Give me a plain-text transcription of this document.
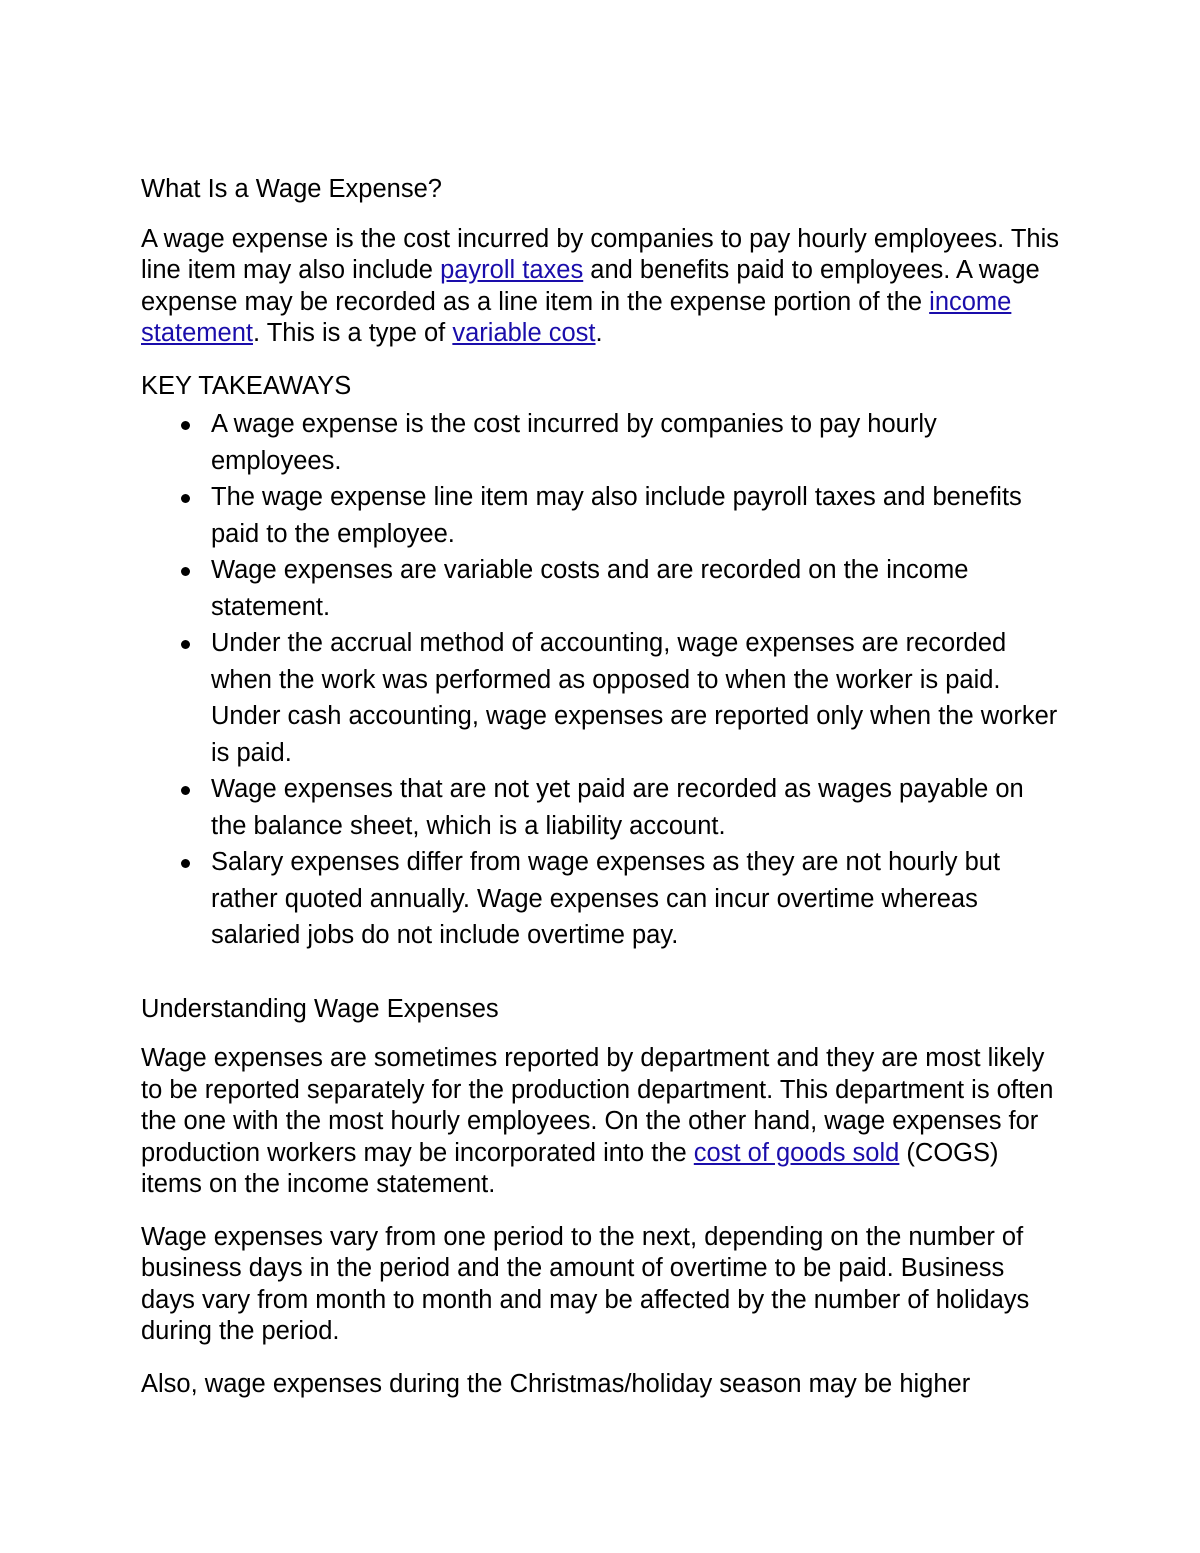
What Is a Wage Expense?

A wage expense is the cost incurred by companies to pay hourly employees. This line item may also include payroll taxes and benefits paid to employees. A wage expense may be recorded as a line item in the expense portion of the income statement. This is a type of variable cost.

KEY TAKEAWAYS
A wage expense is the cost incurred by companies to pay hourly employees.
The wage expense line item may also include payroll taxes and benefits paid to the employee.
Wage expenses are variable costs and are recorded on the income statement.
Under the accrual method of accounting, wage expenses are recorded when the work was performed as opposed to when the worker is paid. Under cash accounting, wage expenses are reported only when the worker is paid.
Wage expenses that are not yet paid are recorded as wages payable on the balance sheet, which is a liability account.
Salary expenses differ from wage expenses as they are not hourly but rather quoted annually. Wage expenses can incur overtime whereas salaried jobs do not include overtime pay.
Understanding Wage Expenses

Wage expenses are sometimes reported by department and they are most likely to be reported separately for the production department. This department is often the one with the most hourly employees. On the other hand, wage expenses for production workers may be incorporated into the cost of goods sold (COGS) items on the income statement.

Wage expenses vary from one period to the next, depending on the number of business days in the period and the amount of overtime to be paid. Business days vary from month to month and may be affected by the number of holidays during the period.

Also, wage expenses during the Christmas/holiday season may be higher
